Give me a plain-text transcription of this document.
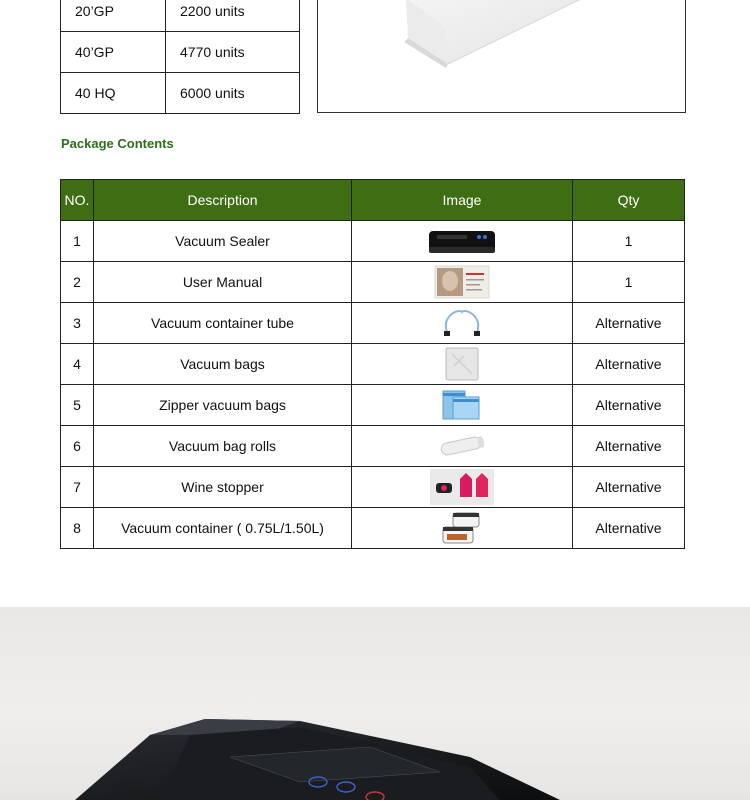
20’GP	2200 units
40’GP	4770 units
40 HQ	6000 units
Package Contents
NO.	Description	Image	Qty
1	Vacuum Sealer		1
2	User Manual		1
3	Vacuum container tube		Alternative
4	Vacuum bags		Alternative
5	Zipper vacuum bags		Alternative
6	Vacuum bag rolls		Alternative
7	Wine stopper		Alternative
8	Vacuum container ( 0.75L/1.50L)		Alternative
